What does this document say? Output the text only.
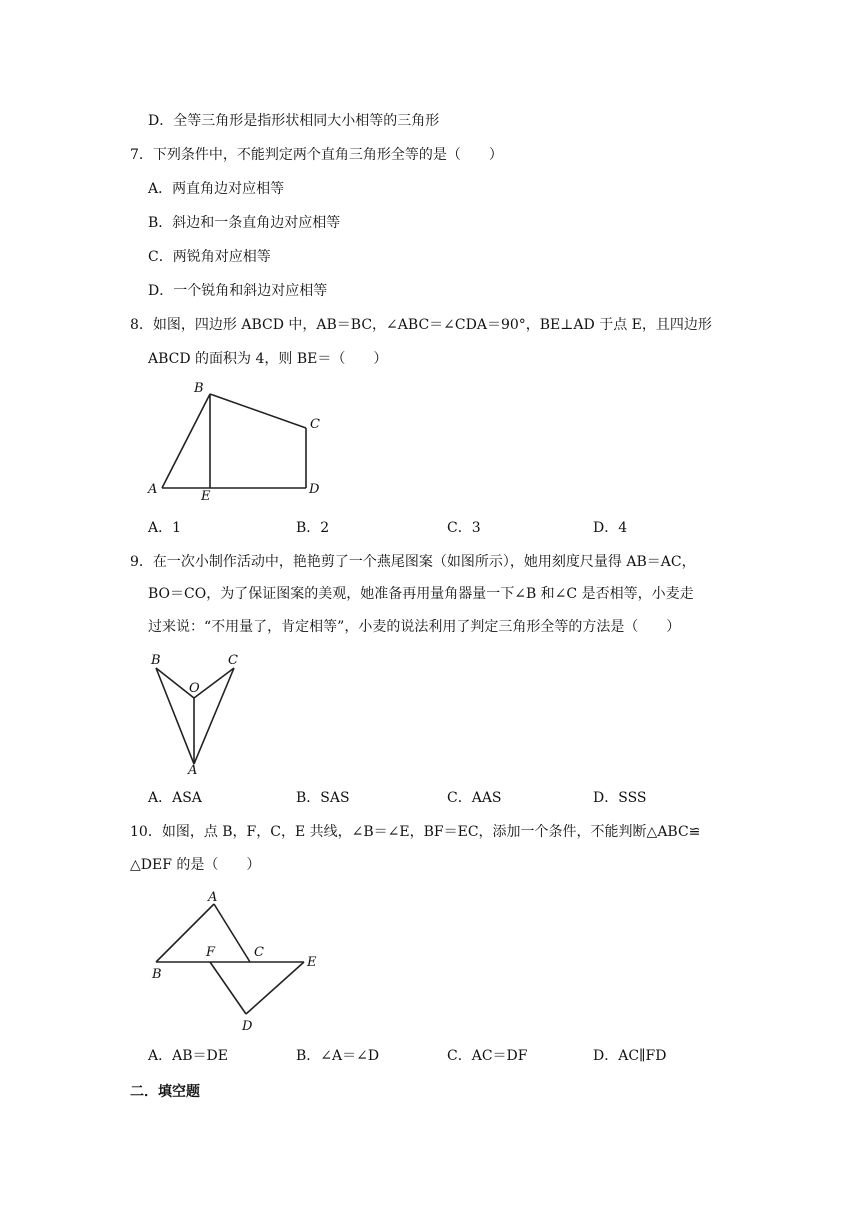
D．全等三角形是指形状相同大小相等的三角形
7．下列条件中，不能判定两个直角三角形全等的是（　　）
A．两直角边对应相等
B．斜边和一条直角边对应相等
C．两锐角对应相等
D．一个锐角和斜边对应相等
8．如图，四边形 ABCD 中，AB＝BC，∠ABC＝∠CDA＝90°，BE⊥AD 于点 E，且四边形
ABCD 的面积为 4，则 BE＝（　　）
B
C
A	E	D
A．1	B．2	C．3	D．4
9．在一次小制作活动中，艳艳剪了一个燕尾图案（如图所示），她用刻度尺量得 AB＝AC，
BO＝CO，为了保证图案的美观，她准备再用量角器量一下∠B 和∠C 是否相等，小麦走
过来说：“不用量了，肯定相等”，小麦的说法利用了判定三角形全等的方法是（　　）
B	C
O
A
A．ASA	B．SAS	C．AAS	D．SSS
10．如图，点 B，F，C，E 共线，∠B＝∠E，BF＝EC，添加一个条件，不能判断△ABC≌
△DEF 的是（　　）
A
F	C
B
E
D
A．AB＝DE	B．∠A＝∠D	C．AC＝DF	D．AC∥FD
二．填空题
